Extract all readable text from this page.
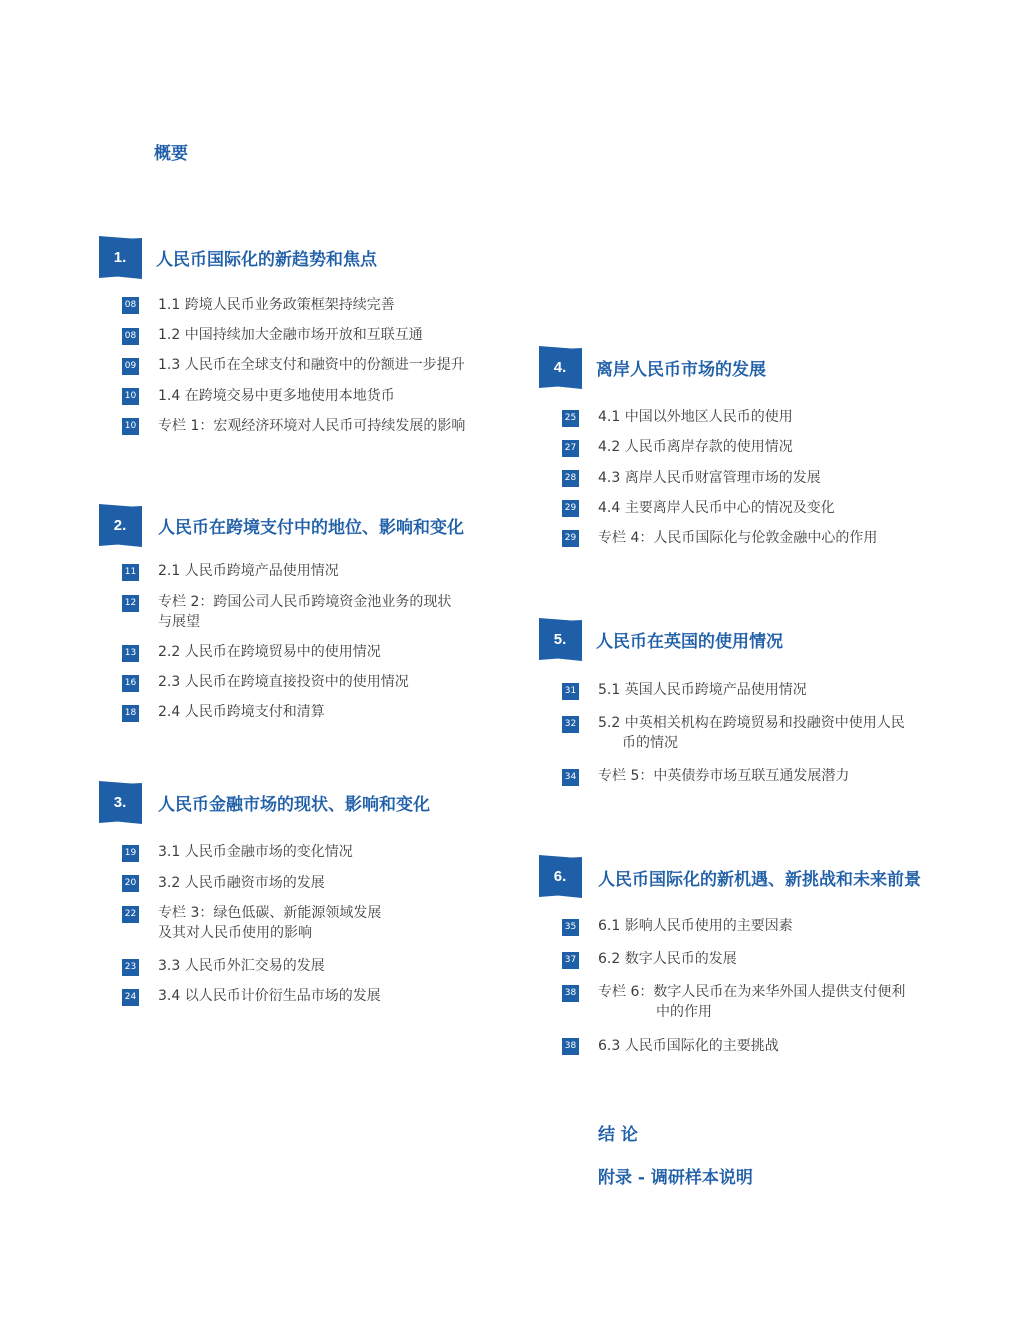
概要
1. 人民币国际化的新趋势和焦点
08 1.1 跨境人民币业务政策框架持续完善
08 1.2 中国持续加大金融市场开放和互联互通
09 1.3 人民币在全球支付和融资中的份额进一步提升
10 1.4 在跨境交易中更多地使用本地货币
10 专栏 1：宏观经济环境对人民币可持续发展的影响
2. 人民币在跨境支付中的地位、影响和变化
11 2.1 人民币跨境产品使用情况
12 专栏 2：跨国公司人民币跨境资金池业务的现状
与展望
13 2.2 人民币在跨境贸易中的使用情况
16 2.3 人民币在跨境直接投资中的使用情况
18 2.4 人民币跨境支付和清算
3. 人民币金融市场的现状、影响和变化
19 3.1 人民币金融市场的变化情况
20 3.2 人民币融资市场的发展
22 专栏 3：绿色低碳、新能源领域发展
及其对人民币使用的影响
23 3.3 人民币外汇交易的发展
24 3.4 以人民币计价衍生品市场的发展
4. 离岸人民币市场的发展
25 4.1 中国以外地区人民币的使用
27 4.2 人民币离岸存款的使用情况
28 4.3 离岸人民币财富管理市场的发展
29 4.4 主要离岸人民币中心的情况及变化
29 专栏 4：人民币国际化与伦敦金融中心的作用
5. 人民币在英国的使用情况
31 5.1 英国人民币跨境产品使用情况
32 5.2 中英相关机构在跨境贸易和投融资中使用人民
币的情况
34 专栏 5：中英债券市场互联互通发展潜力
6. 人民币国际化的新机遇、新挑战和未来前景
35 6.1 影响人民币使用的主要因素
37 6.2 数字人民币的发展
38 专栏 6：数字人民币在为来华外国人提供支付便利
中的作用
38 6.3 人民币国际化的主要挑战
结 论
附录 - 调研样本说明
